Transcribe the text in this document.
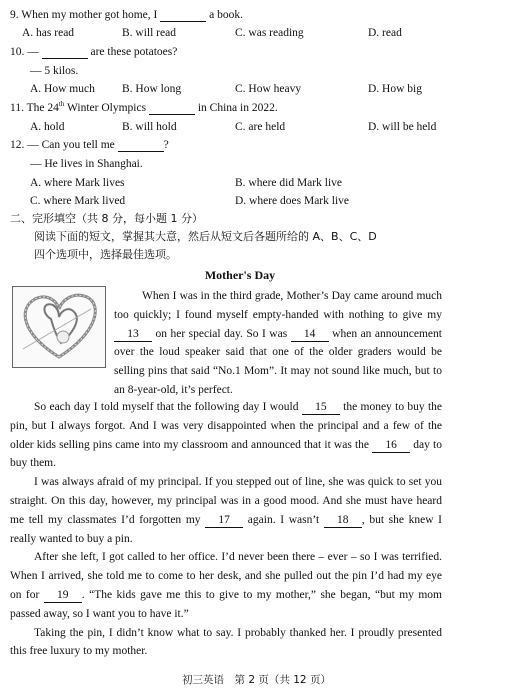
9. When my mother got home, I	a book.
A. has read	B. will read	C. was reading	D. read
10. —	are these potatoes?
— 5 kilos.
A. How much B. How long	C. How heavy	D. How big
11. The 24th Winter Olympics	in China in 2022.
A. hold	B. will hold	C. are held	D. will be held
12. — Can you tell me	?
— He lives in Shanghai.
A. where Mark lives	B. where did Mark live
C. where Mark lived	D. where does Mark live
二、完形填空（共 8 分，每小题 1 分）
阅读下面的短文，掌握其大意，然后从短文后各题所给的 A、B、C、D
四个选项中，选择最佳选项。
Mother's Day

When I was in the third grade, Mother’s Day came around much too quickly; I found myself empty-handed with nothing to give my 13 on her special day. So I was 14 when an announcement over the loud speaker said that one of the older graders would be selling pins that said “No.1 Mom”. It may not sound like much, but to an 8-year-old, it’s perfect.

So each day I told myself that the following day I would 15 the money to buy the pin, but I always forgot. And I was very disappointed when the principal and a few of the older kids selling pins came into my classroom and announced that it was the 16 day to buy them.

I was always afraid of my principal. If you stepped out of line, she was quick to set you straight. On this day, however, my principal was in a good mood. And she must have heard me tell my classmates I’d forgotten my 17 again. I wasn’t 18 , but she knew I really wanted to buy a pin.

After she left, I got called to her office. I’d never been there – ever – so I was terrified. When I arrived, she told me to come to her desk, and she pulled out the pin I’d had my eye on for 19 . “The kids gave me this to give to my mother,” she began, “but my mom passed away, so I want you to have it.”

Taking the pin, I didn’t know what to say. I probably thanked her. I proudly presented this free luxury to my mother.

初三英语　第 2 页（共 12 页）
